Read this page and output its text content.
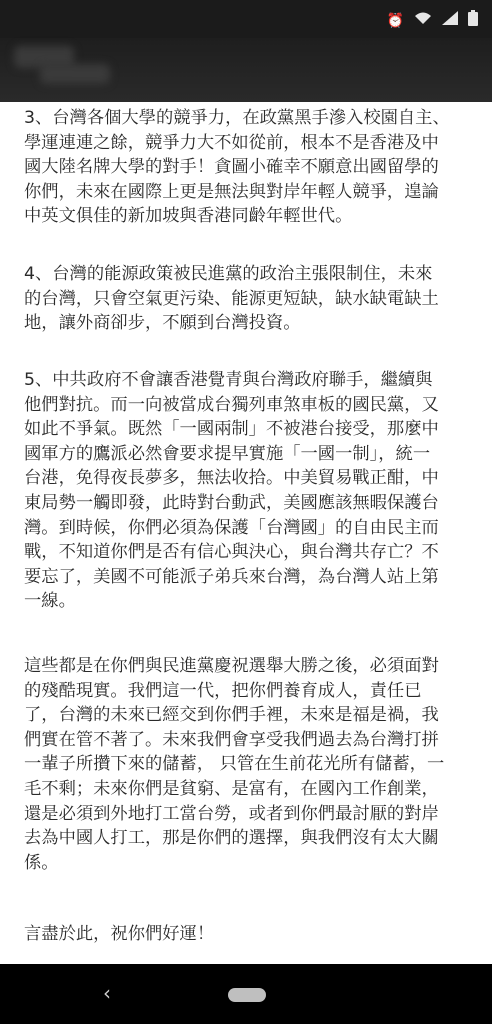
⏰

3、台灣各個大學的競爭力，在政黨黑手滲入校園自主、
學運連連之餘，競爭力大不如從前，根本不是香港及中
國大陸名牌大學的對手！貪圖小確幸不願意出國留學的
你們，未來在國際上更是無法與對岸年輕人競爭，遑論
中英文俱佳的新加坡與香港同齡年輕世代。

4、台灣的能源政策被民進黨的政治主張限制住，未來
的台灣，只會空氣更污染、能源更短缺，缺水缺電缺土
地，讓外商卻步，不願到台灣投資。

5、中共政府不會讓香港覺青與台灣政府聯手，繼續與
他們對抗。而一向被當成台獨列車煞車板的國民黨，又
如此不爭氣。既然「一國兩制」不被港台接受，那麼中
國軍方的鷹派必然會要求提早實施「一國一制」，統一
台港，免得夜長夢多，無法收拾。中美貿易戰正酣，中
東局勢一觸即發，此時對台動武，美國應該無暇保護台
灣。到時候，你們必須為保護「台灣國」的自由民主而
戰，不知道你們是否有信心與決心，與台灣共存亡？不
要忘了，美國不可能派子弟兵來台灣，為台灣人站上第
一線。

這些都是在你們與民進黨慶祝選舉大勝之後，必須面對
的殘酷現實。我們這一代，把你們養育成人，責任已
了，台灣的未來已經交到你們手裡，未來是福是禍，我
們實在管不著了。未來我們會享受我們過去為台灣打拼
一輩子所攢下來的儲蓄， 只管在生前花光所有儲蓄，一
毛不剩；未來你們是貧窮、是富有，在國內工作創業，
還是必須到外地打工當台勞，或者到你們最討厭的對岸
去為中國人打工，那是你們的選擇，與我們沒有太大關
係。

言盡於此，祝你們好運！

‹
